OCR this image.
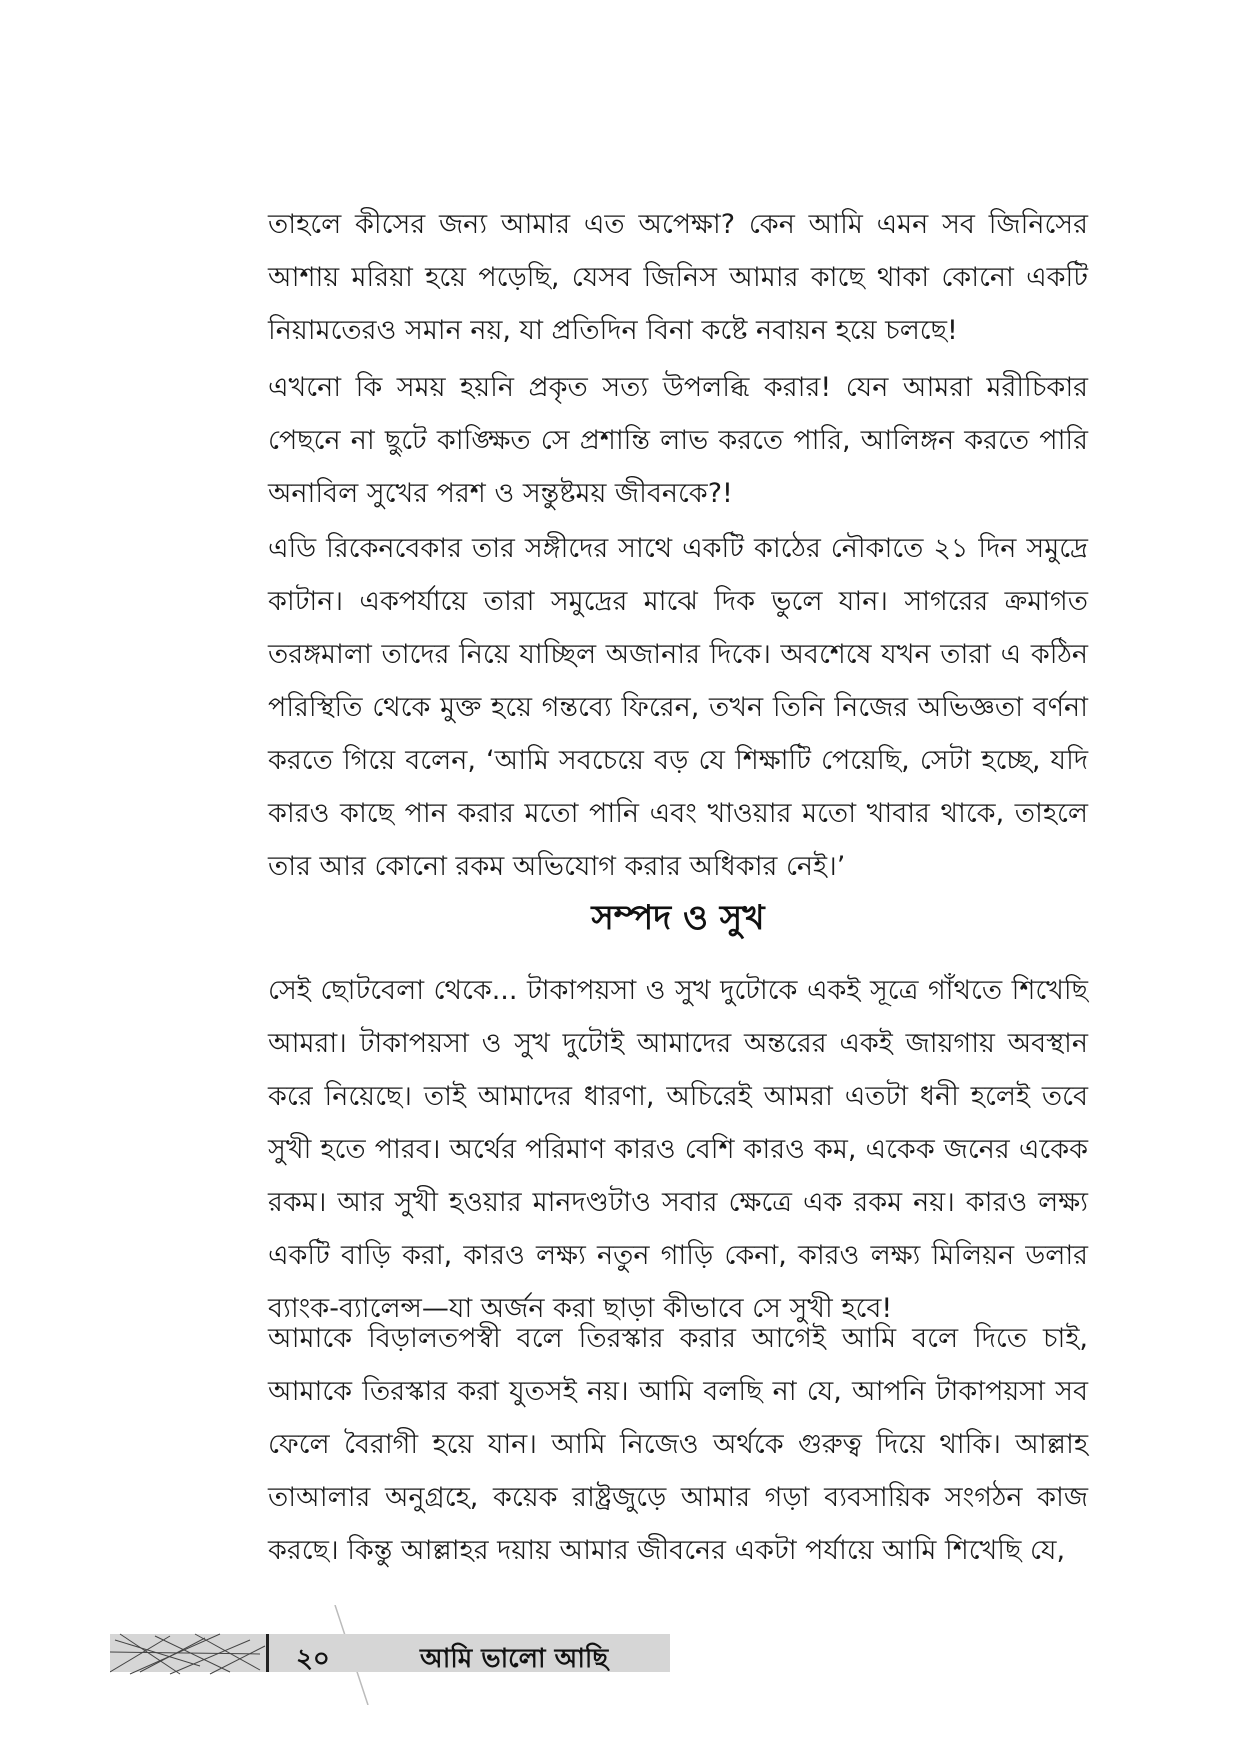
তাহলে কীসের জন্য আমার এত অপেক্ষা? কেন আমি এমন সব জিনিসের আশায় মরিয়া হয়ে পড়েছি, যেসব জিনিস আমার কাছে থাকা কোনো একটি নিয়ামতেরও সমান নয়, যা প্রতিদিন বিনা কষ্টে নবায়ন হয়ে চলছে!

এখনো কি সময় হয়নি প্রকৃত সত্য উপলব্ধি করার! যেন আমরা মরীচিকার পেছনে না ছুটে কাঙ্ক্ষিত সে প্রশান্তি লাভ করতে পারি, আলিঙ্গন করতে পারি অনাবিল সুখের পরশ ও সন্তুষ্টময় জীবনকে?!

এডি রিকেনবেকার তার সঙ্গীদের সাথে একটি কাঠের নৌকাতে ২১ দিন সমুদ্রে কাটান। একপর্যায়ে তারা সমুদ্রের মাঝে দিক ভুলে যান। সাগরের ক্রমাগত তরঙ্গমালা তাদের নিয়ে যাচ্ছিল অজানার দিকে। অবশেষে যখন তারা এ কঠিন পরিস্থিতি থেকে মুক্ত হয়ে গন্তব্যে ফিরেন, তখন তিনি নিজের অভিজ্ঞতা বর্ণনা করতে গিয়ে বলেন, ‘আমি সবচেয়ে বড় যে শিক্ষাটি পেয়েছি, সেটা হচ্ছে, যদি কারও কাছে পান করার মতো পানি এবং খাওয়ার মতো খাবার থাকে, তাহলে তার আর কোনো রকম অভিযোগ করার অধিকার নেই।’

সম্পদ ও সুখ

সেই ছোটবেলা থেকে... টাকাপয়সা ও সুখ দুটোকে একই সূত্রে গাঁথতে শিখেছি আমরা। টাকাপয়সা ও সুখ দুটোই আমাদের অন্তরের একই জায়গায় অবস্থান করে নিয়েছে। তাই আমাদের ধারণা, অচিরেই আমরা এতটা ধনী হলেই তবে সুখী হতে পারব। অর্থের পরিমাণ কারও বেশি কারও কম, একেক জনের একেক রকম। আর সুখী হওয়ার মানদণ্ডটাও সবার ক্ষেত্রে এক রকম নয়। কারও লক্ষ্য একটি বাড়ি করা, কারও লক্ষ্য নতুন গাড়ি কেনা, কারও লক্ষ্য মিলিয়ন ডলার ব্যাংক-ব্যালেন্স—যা অর্জন করা ছাড়া কীভাবে সে সুখী হবে!

আমাকে বিড়ালতপস্বী বলে তিরস্কার করার আগেই আমি বলে দিতে চাই, আমাকে তিরস্কার করা যুতসই নয়। আমি বলছি না যে, আপনি টাকাপয়সা সব ফেলে বৈরাগী হয়ে যান। আমি নিজেও অর্থকে গুরুত্ব দিয়ে থাকি। আল্লাহ তাআলার অনুগ্রহে, কয়েক রাষ্ট্রজুড়ে আমার গড়া ব্যবসায়িক সংগঠন কাজ করছে। কিন্তু আল্লাহর দয়ায় আমার জীবনের একটা পর্যায়ে আমি শিখেছি যে,

২০	আমি ভালো আছি
